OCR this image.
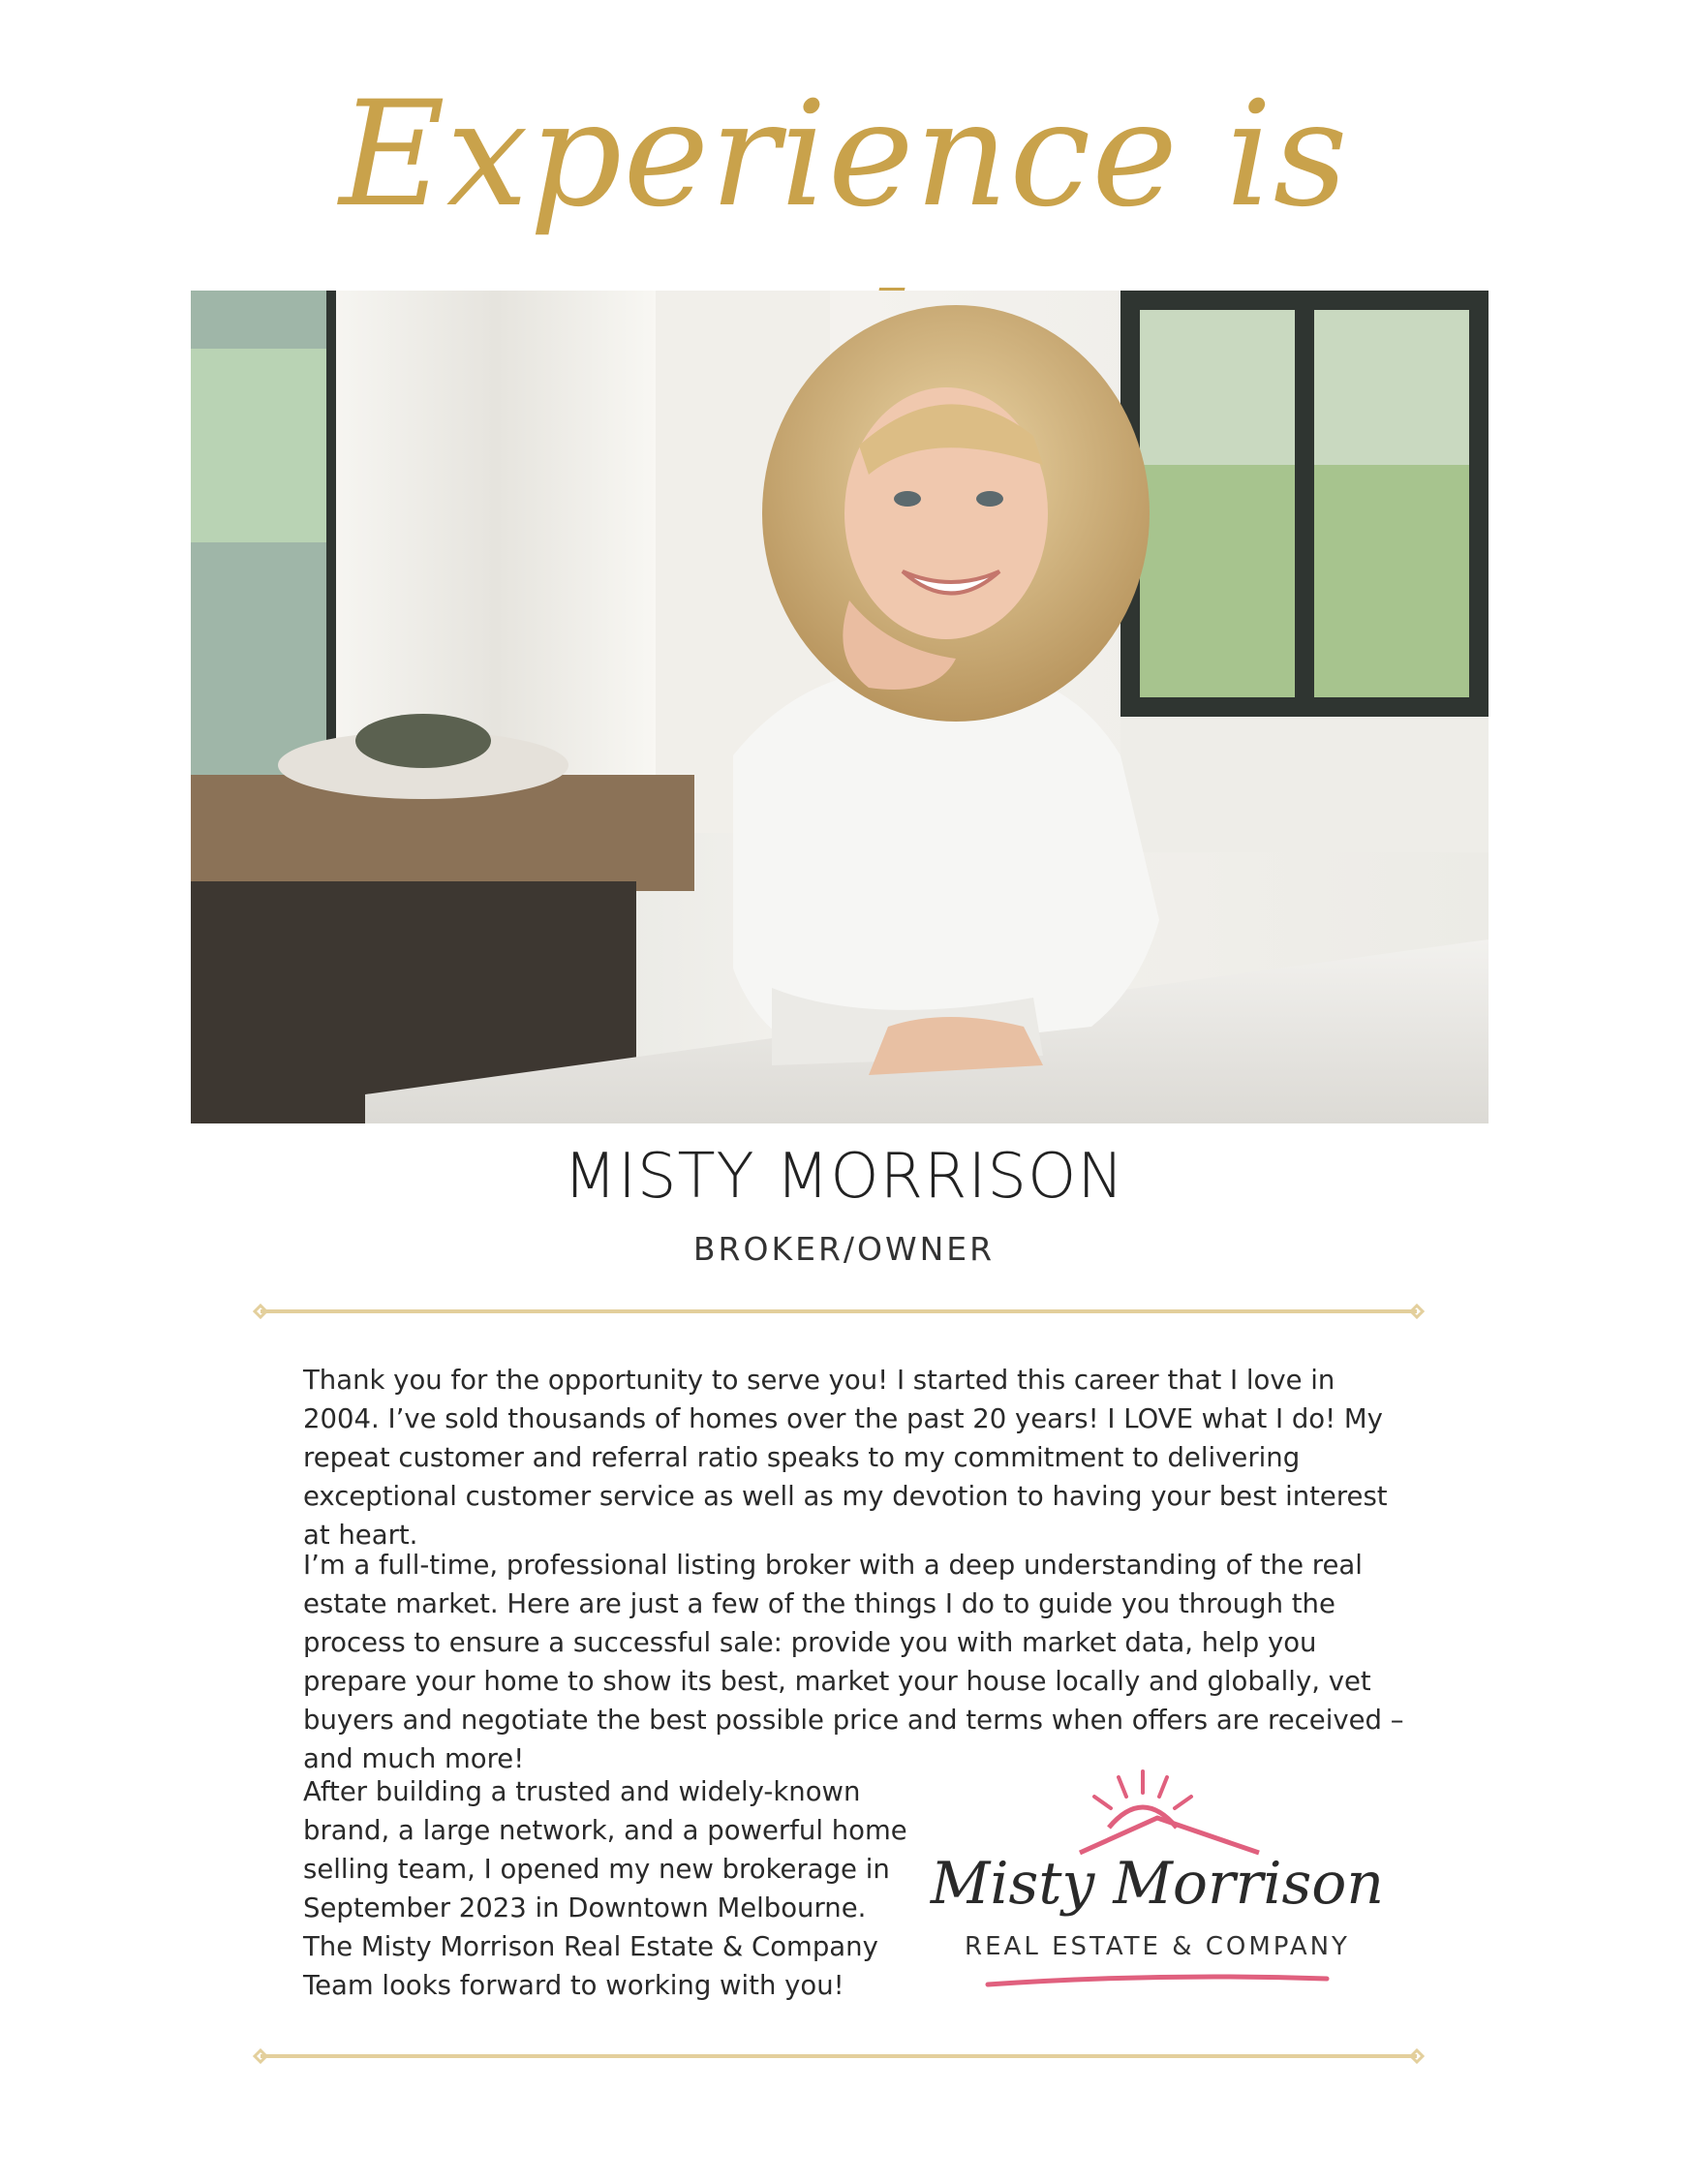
Experience is
MISTY MORRISON
BROKER/OWNER

Thank you for the opportunity to serve you! I started this career that I love in 2004. I’ve sold thousands of homes over the past 20 years! I LOVE what I do! My repeat customer and referral ratio speaks to my commitment to delivering exceptional customer service as well as my devotion to having your best interest at heart.

I’m a full-time, professional listing broker with a deep understanding of the real estate market. Here are just a few of the things I do to guide you through the process to ensure a successful sale: provide you with market data, help you prepare your home to show its best, market your house locally and globally, vet buyers and negotiate the best possible price and terms when offers are received – and much more!

After building a trusted and widely-known brand, a large network, and a powerful home selling team, I opened my new brokerage in September 2023 in Downtown Melbourne. The Misty Morrison Real Estate & Company Team looks forward to working with you!

Misty Morrison
REAL ESTATE & COMPANY
